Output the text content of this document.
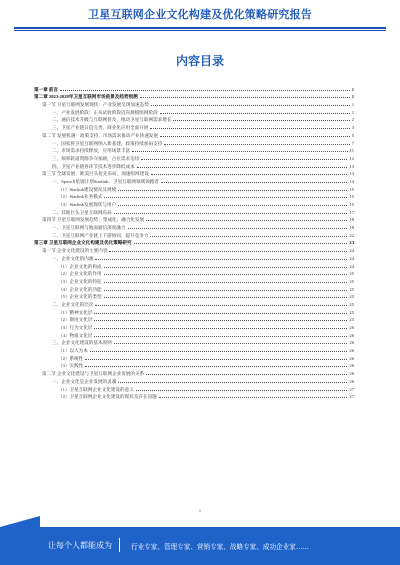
卫星互联网企业文化构建及优化策略研究报告
内容目录
第一章 前言	1
第二章 2023-2028年卫星互联网市场前景及趋势预测	1
第一节 卫星互联网发展现状：产业发展呈现加速态势	1
一、产业发展阶段：正从试验阶段迈向规模组网阶段	1
二、通信技术升级与互联网普及，推动卫星互联网需求增长	2
三、卫星产业链日趋完善，商业化应用全面开展	3
第二节 发展机遇：政策支持，市场需求推动产业快速发展	5
一、国家将卫星互联网纳入新基建，政策持续加码支持	7
二、市场需求持续释放，应用场景丰富	11
三、频率轨道资源争夺加剧，占位需求迫切	12
四、卫星产业链各环节技术进步降低成本	13
第三节 全球发展：欧美巨头抢先布局，加速组网建设	13
一、SpaceX星链计划Starlink：卫星互联网领域领跑者	14
（1）Starlink建设情况及规模	15
（2）Starlink业务模式	15
（3）Starlink发展现状与用户	15
二、其他巨头卫星互联网布局	17
第四节 卫星互联网发展趋势：集成化、融合化发展	18
一、卫星互联网与地面通信深度融合	18
二、卫星互联网产业链上下游协同，提升竞争力	22
第三章 卫星互联网企业文化构建及优化策略研究	23
第一节 企业文化建设的主要内容	24
一、企业文化的内涵	24
（1）企业文化的构成	24
（2）企业文化的作用	25
（3）企业文化的特征	25
（4）企业文化的功能	25
（5）企业文化的类型	25
二、企业文化的层次	25
（1）精神文化层	25
（2）制度文化层	25
（3）行为文化层	26
（4）物质文化层	26
三、企业文化建设的基本原则	26
（1）以人为本	26
（2）系统性	26
（3）实践性	26
第二节 企业文化建设与卫星互联网企业发展的关系	26
一、企业文化是企业发展的灵魂	26
（1）卫星互联网企业文化建设的意义	27
（2）卫星互联网企业文化建设的现状及存在问题	27
1
让每个人都能成为	行业专家、管理专家、营销专家、战略专家、成功企业家……
